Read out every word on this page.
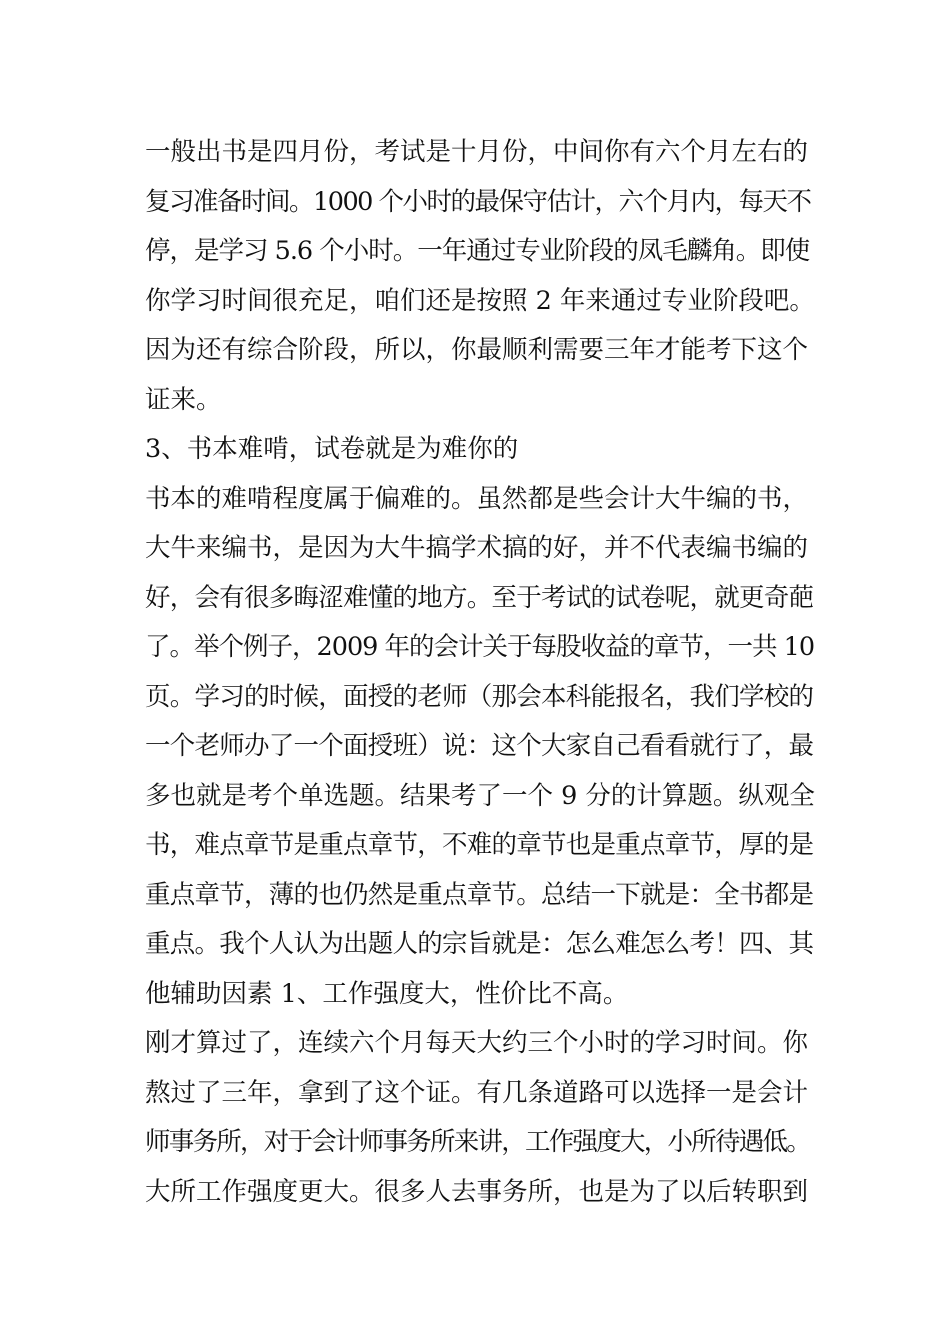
一般出书是四月份，考试是十月份，中间你有六个月左右的
复习准备时间。1000 个小时的最保守估计，六个月内，每天不
停，是学习 5.6 个小时。一年通过专业阶段的凤毛麟角。即使
你学习时间很充足，咱们还是按照 2 年来通过专业阶段吧。
因为还有综合阶段，所以，你最顺利需要三年才能考下这个
证来。
3、书本难啃，试卷就是为难你的
书本的难啃程度属于偏难的。虽然都是些会计大牛编的书，
大牛来编书，是因为大牛搞学术搞的好，并不代表编书编的
好，会有很多晦涩难懂的地方。至于考试的试卷呢，就更奇葩
了。举个例子，2009 年的会计关于每股收益的章节，一共 10
页。学习的时候，面授的老师（那会本科能报名，我们学校的
一个老师办了一个面授班）说：这个大家自己看看就行了，最
多也就是考个单选题。结果考了一个 9 分的计算题。纵观全
书，难点章节是重点章节，不难的章节也是重点章节，厚的是
重点章节，薄的也仍然是重点章节。总结一下就是：全书都是
重点。我个人认为出题人的宗旨就是：怎么难怎么考！四、其
他辅助因素 1、工作强度大，性价比不高。
刚才算过了，连续六个月每天大约三个小时的学习时间。你
熬过了三年，拿到了这个证。有几条道路可以选择一是会计
师事务所，对于会计师事务所来讲，工作强度大，小所待遇低。
大所工作强度更大。很多人去事务所，也是为了以后转职到
